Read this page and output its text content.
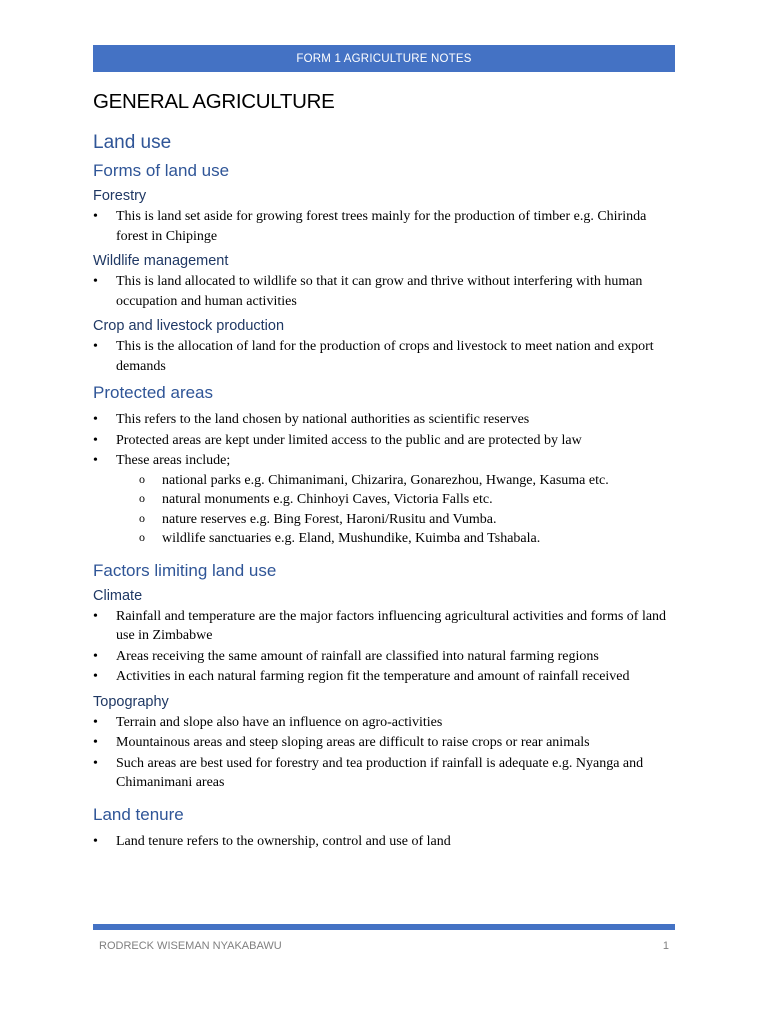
FORM 1 AGRICULTURE NOTES
GENERAL AGRICULTURE
Land use
Forms of land use
Forestry
• This is land set aside for growing forest trees mainly for the production of timber e.g. Chirinda forest in Chipinge
Wildlife management
• This is land allocated to wildlife so that it can grow and thrive without interfering with human occupation and human activities
Crop and livestock production
• This is the allocation of land for the production of crops and livestock to meet nation and export demands
Protected areas
• This refers to the land chosen by national authorities as scientific reserves
• Protected areas are kept under limited access to the public and are protected by law
• These areas include;
o national parks e.g. Chimanimani, Chizarira, Gonarezhou, Hwange, Kasuma etc.
o natural monuments e.g. Chinhoyi Caves, Victoria Falls etc.
o nature reserves e.g. Bing Forest, Haroni/Rusitu and Vumba.
o wildlife sanctuaries e.g. Eland, Mushundike, Kuimba and Tshabala.
Factors limiting land use
Climate
• Rainfall and temperature are the major factors influencing agricultural activities and forms of land use in Zimbabwe
• Areas receiving the same amount of rainfall are classified into natural farming regions
• Activities in each natural farming region fit the temperature and amount of rainfall received
Topography
• Terrain and slope also have an influence on agro-activities
• Mountainous areas and steep sloping areas are difficult to raise crops or rear animals
• Such areas are best used for forestry and tea production if rainfall is adequate e.g. Nyanga and Chimanimani areas
Land tenure
• Land tenure refers to the ownership, control and use of land
RODRECK WISEMAN NYAKABAWU	1
